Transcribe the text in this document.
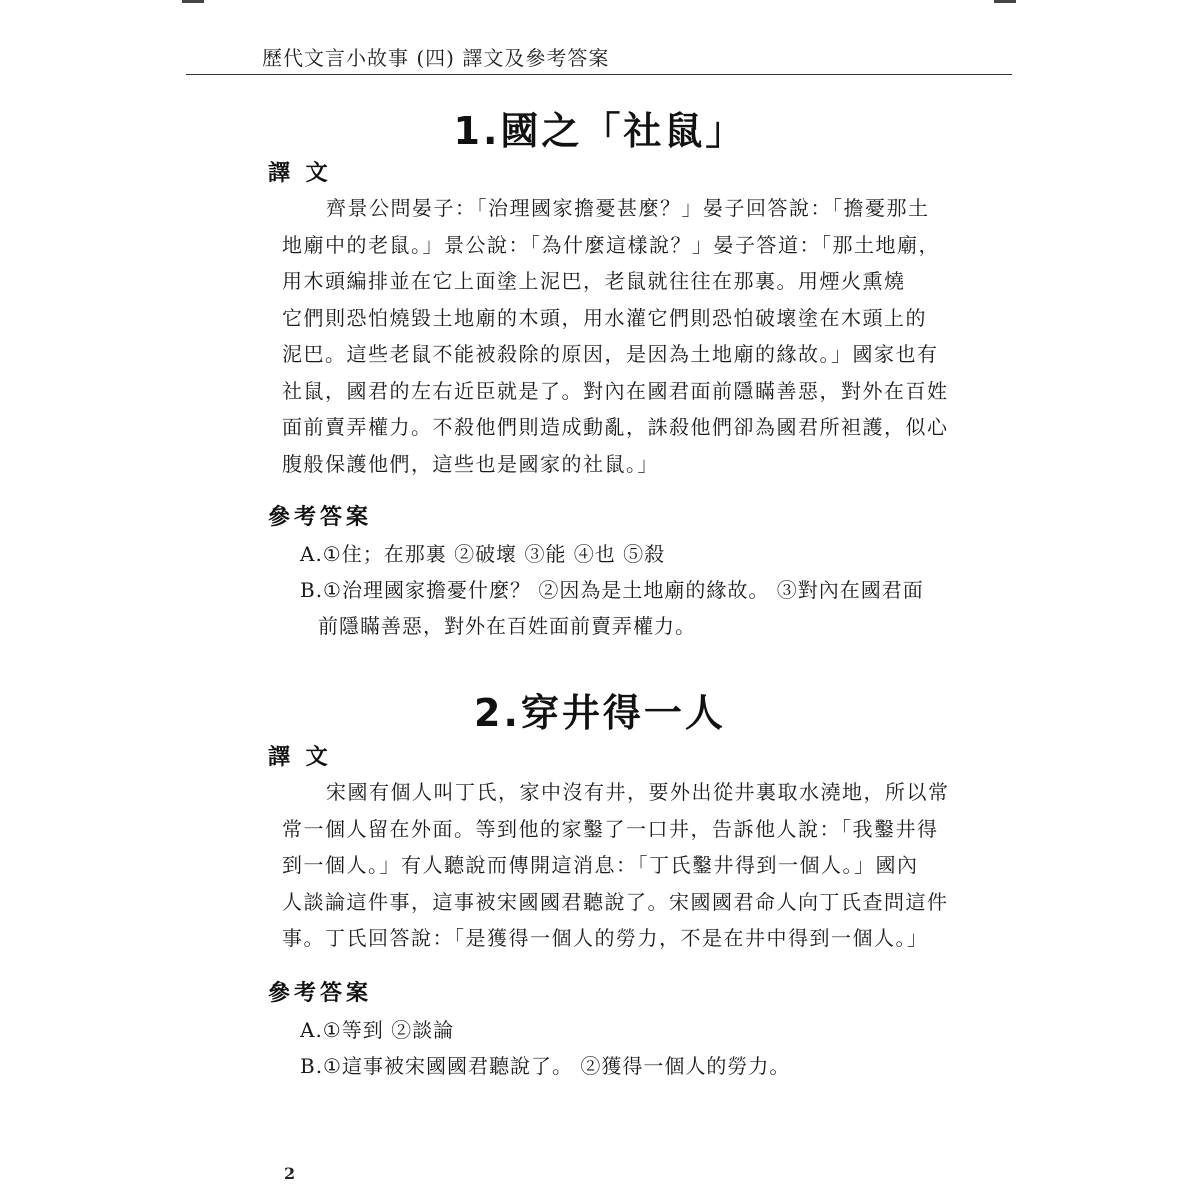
歷代文言小故事 (四) 譯文及參考答案
1.國之「社鼠」
譯 文
齊景公問晏子：「治理國家擔憂甚麼？」晏子回答說：「擔憂那土
地廟中的老鼠。」景公說：「為什麼這樣說？」晏子答道：「那土地廟，
用木頭編排並在它上面塗上泥巴，老鼠就往往在那裏。用煙火熏燒
它們則恐怕燒毀土地廟的木頭，用水灌它們則恐怕破壞塗在木頭上的
泥巴。這些老鼠不能被殺除的原因，是因為土地廟的緣故。」國家也有
社鼠，國君的左右近臣就是了。對內在國君面前隱瞞善惡，對外在百姓
面前賣弄權力。不殺他們則造成動亂，誅殺他們卻為國君所袒護，似心
腹般保護他們，這些也是國家的社鼠。」
參考答案
A.①住；在那裏 ②破壞 ③能 ④也 ⑤殺
B.①治理國家擔憂什麼？ ②因為是土地廟的緣故。 ③對內在國君面
前隱瞞善惡，對外在百姓面前賣弄權力。
2.穿井得一人
譯 文
宋國有個人叫丁氏，家中沒有井，要外出從井裏取水澆地，所以常
常一個人留在外面。等到他的家鑿了一口井，告訴他人說：「我鑿井得
到一個人。」有人聽說而傳開這消息：「丁氏鑿井得到一個人。」國內
人談論這件事，這事被宋國國君聽說了。宋國國君命人向丁氏查問這件
事。丁氏回答說：「是獲得一個人的勞力，不是在井中得到一個人。」
參考答案
A.①等到 ②談論
B.①這事被宋國國君聽說了。 ②獲得一個人的勞力。
2
